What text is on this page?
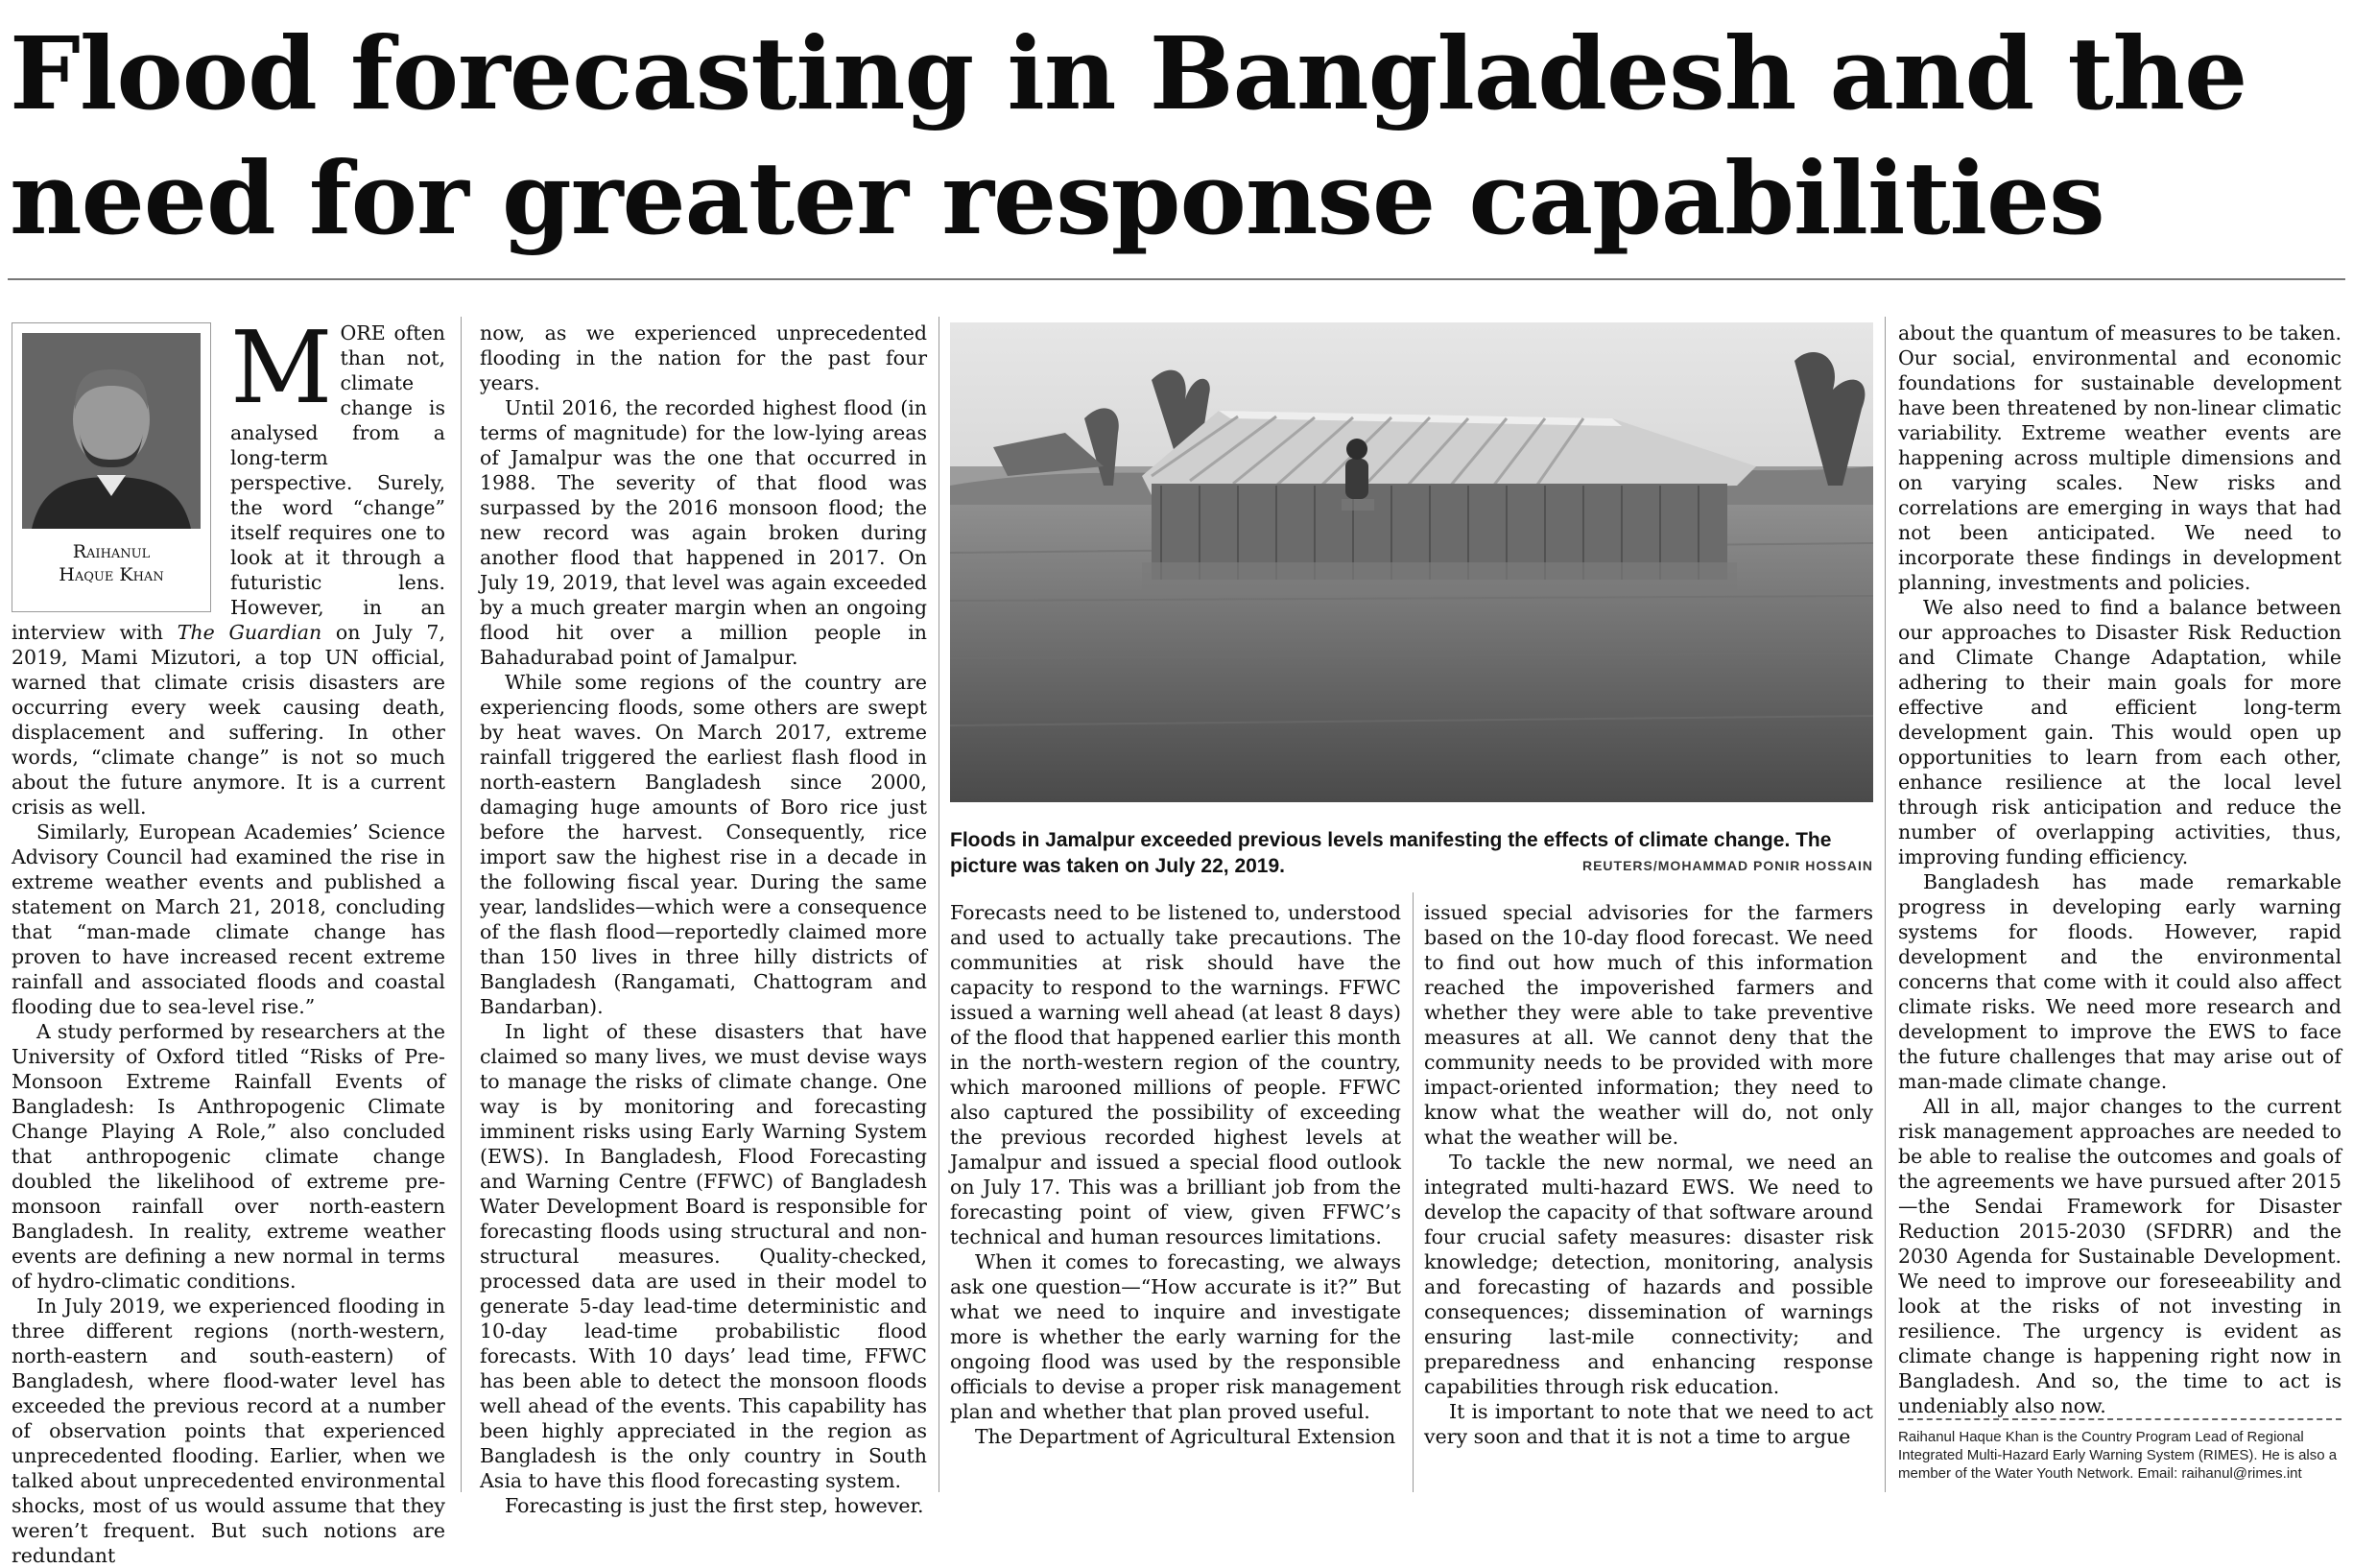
Flood forecasting in Bangladesh and the
need for greater response capabilities
Raihanul
Haque Khan

MORE often than not, climate change is analysed from a long-term perspective. Surely, the word “change” itself requires one to look at it through a futuristic lens. However, in an interview with The Guardian on July 7, 2019, Mami Mizutori, a top UN official, warned that climate crisis disasters are occurring every week causing death, displacement and suffering. In other words, “climate change” is not so much about the future anymore. It is a current crisis as well.

Similarly, European Academies’ Science Advisory Council had examined the rise in extreme weather events and published a statement on March 21, 2018, concluding that “man-made climate change has proven to have increased recent extreme rainfall and associated floods and coastal flooding due to sea-level rise.”

A study performed by researchers at the University of Oxford titled “Risks of Pre-Monsoon Extreme Rainfall Events of Bangladesh: Is Anthropogenic Climate Change Playing A Role,” also concluded that anthropogenic climate change doubled the likelihood of extreme pre-monsoon rainfall over north-eastern Bangladesh. In reality, extreme weather events are defining a new normal in terms of hydro-climatic conditions.

In July 2019, we experienced flooding in three different regions (north-western, north-eastern and south-eastern) of Bangladesh, where flood-water level has exceeded the previous record at a number of observation points that experienced unprecedented flooding. Earlier, when we talked about unprecedented environmental shocks, most of us would assume that they weren’t frequent. But such notions are redundant

now, as we experienced unprecedented flooding in the nation for the past four years.

Until 2016, the recorded highest flood (in terms of magnitude) for the low-lying areas of Jamalpur was the one that occurred in 1988. The severity of that flood was surpassed by the 2016 monsoon flood; the new record was again broken during another flood that happened in 2017. On July 19, 2019, that level was again exceeded by a much greater margin when an ongoing flood hit over a million people in Bahadurabad point of Jamalpur.

While some regions of the country are experiencing floods, some others are swept by heat waves. On March 2017, extreme rainfall triggered the earliest flash flood in north-eastern Bangladesh since 2000, damaging huge amounts of Boro rice just before the harvest. Consequently, rice import saw the highest rise in a decade in the following fiscal year. During the same year, landslides—which were a consequence of the flash flood—reportedly claimed more than 150 lives in three hilly districts of Bangladesh (Rangamati, Chattogram and Bandarban).

In light of these disasters that have claimed so many lives, we must devise ways to manage the risks of climate change. One way is by monitoring and forecasting imminent risks using Early Warning System (EWS). In Bangladesh, Flood Forecasting and Warning Centre (FFWC) of Bangladesh Water Development Board is responsible for forecasting floods using structural and non-structural measures. Quality-checked, processed data are used in their model to generate 5-day lead-time deterministic and 10-day lead-time probabilistic flood forecasts. With 10 days’ lead time, FFWC has been able to detect the monsoon floods well ahead of the events. This capability has been highly appreciated in the region as Bangladesh is the only country in South Asia to have this flood forecasting system.

Forecasting is just the first step, however.

Floods in Jamalpur exceeded previous levels manifesting the effects of climate change. The picture was taken on July 22, 2019.	REUTERS/MOHAMMAD PONIR HOSSAIN

Forecasts need to be listened to, understood and used to actually take precautions. The communities at risk should have the capacity to respond to the warnings. FFWC issued a warning well ahead (at least 8 days) of the flood that happened earlier this month in the north-western region of the country, which marooned millions of people. FFWC also captured the possibility of exceeding the previous recorded highest levels at Jamalpur and issued a special flood outlook on July 17. This was a brilliant job from the forecasting point of view, given FFWC’s technical and human resources limitations.

When it comes to forecasting, we always ask one question—“How accurate is it?” But what we need to inquire and investigate more is whether the early warning for the ongoing flood was used by the responsible officials to devise a proper risk management plan and whether that plan proved useful.

The Department of Agricultural Extension

issued special advisories for the farmers based on the 10-day flood forecast. We need to find out how much of this information reached the impoverished farmers and whether they were able to take preventive measures at all. We cannot deny that the community needs to be provided with more impact-oriented information; they need to know what the weather will do, not only what the weather will be.

To tackle the new normal, we need an integrated multi-hazard EWS. We need to develop the capacity of that software around four crucial safety measures: disaster risk knowledge; detection, monitoring, analysis and forecasting of hazards and possible consequences; dissemination of warnings ensuring last-mile connectivity; and preparedness and enhancing response capabilities through risk education.

It is important to note that we need to act very soon and that it is not a time to argue

about the quantum of measures to be taken. Our social, environmental and economic foundations for sustainable development have been threatened by non-linear climatic variability. Extreme weather events are happening across multiple dimensions and on varying scales. New risks and correlations are emerging in ways that had not been anticipated. We need to incorporate these findings in development planning, investments and policies.

We also need to find a balance between our approaches to Disaster Risk Reduction and Climate Change Adaptation, while adhering to their main goals for more effective and efficient long-term development gain. This would open up opportunities to learn from each other, enhance resilience at the local level through risk anticipation and reduce the number of overlapping activities, thus, improving funding efficiency.

Bangladesh has made remarkable progress in developing early warning systems for floods. However, rapid development and the environmental concerns that come with it could also affect climate risks. We need more research and development to improve the EWS to face the future challenges that may arise out of man-made climate change.

All in all, major changes to the current risk management approaches are needed to be able to realise the outcomes and goals of the agreements we have pursued after 2015—the Sendai Framework for Disaster Reduction 2015-2030 (SFDRR) and the 2030 Agenda for Sustainable Development. We need to improve our foreseeability and look at the risks of not investing in resilience. The urgency is evident as climate change is happening right now in Bangladesh. And so, the time to act is undeniably also now.

Raihanul Haque Khan is the Country Program Lead of Regional Integrated Multi-Hazard Early Warning System (RIMES). He is also a member of the Water Youth Network. Email: raihanul@rimes.int
